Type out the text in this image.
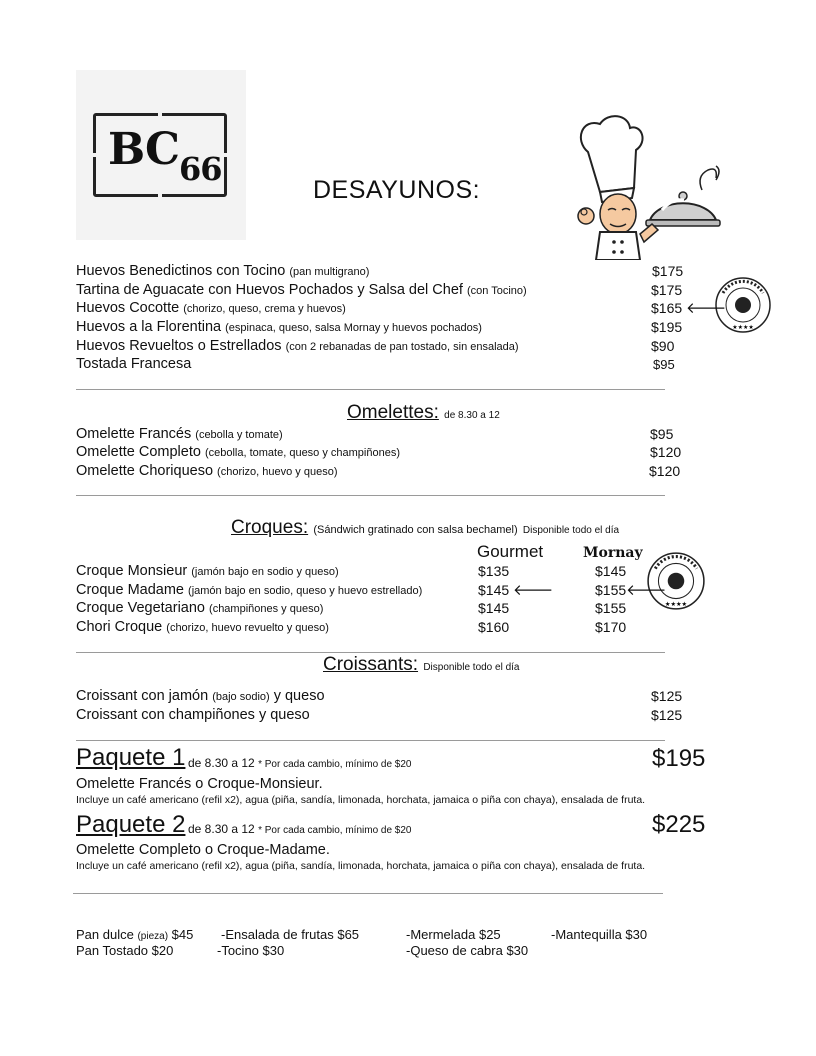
$BC_{66}$
DESAYUNOS:
★★★★
★★★★
Huevos Benedictinos con Tocino (pan multigrano)	$175
Tartina de Aguacate con Huevos Pochados y Salsa del Chef (con Tocino)	$175
Huevos Cocotte (chorizo, queso, crema y huevos)	$165 🡐
Huevos a la Florentina (espinaca, queso, salsa Mornay y huevos pochados)	$195
Huevos Revueltos o Estrellados (con 2 rebanadas de pan tostado, sin ensalada)	$90
Tostada Francesa	$95
Omelettes: de 8.30 a 12
Omelette Francés (cebolla y tomate)	$95
Omelette Completo (cebolla, tomate, queso y champiñones)	$120
Omelette Choriqueso (chorizo, huevo y queso)	$120
Croques: (Sándwich gratinado con salsa bechamel) Disponible todo el día
Gourmet	Mornay
Croque Monsieur (jamón bajo en sodio y queso)	$135	$145
Croque Madame (jamón bajo en sodio, queso y huevo estrellado)	$145 🡐	$155🡐
Croque Vegetariano (champiñones y queso)	$145	$155
Chori Croque (chorizo, huevo revuelto y queso)	$160	$170
Croissants: Disponible todo el día
Croissant con jamón (bajo sodio) y queso	$125
Croissant con champiñones y queso	$125
Paquete 1 de 8.30 a 12 * Por cada cambio, mínimo de $20	$195
Omelette Francés o Croque-Monsieur.
Incluye un café americano (refil x2), agua (piña, sandía, limonada, horchata, jamaica o piña con chaya), ensalada de fruta.
Paquete 2 de 8.30 a 12 * Por cada cambio, mínimo de $20	$225
Omelette Completo o Croque-Madame.
Incluye un café americano (refil x2), agua (piña, sandía, limonada, horchata, jamaica o piña con chaya), ensalada de fruta.
Pan dulce (pieza) $45 -Ensalada de frutas $65	-Mermelada $25	-Mantequilla $30
Pan Tostado $20	-Tocino $30	-Queso de cabra $30
